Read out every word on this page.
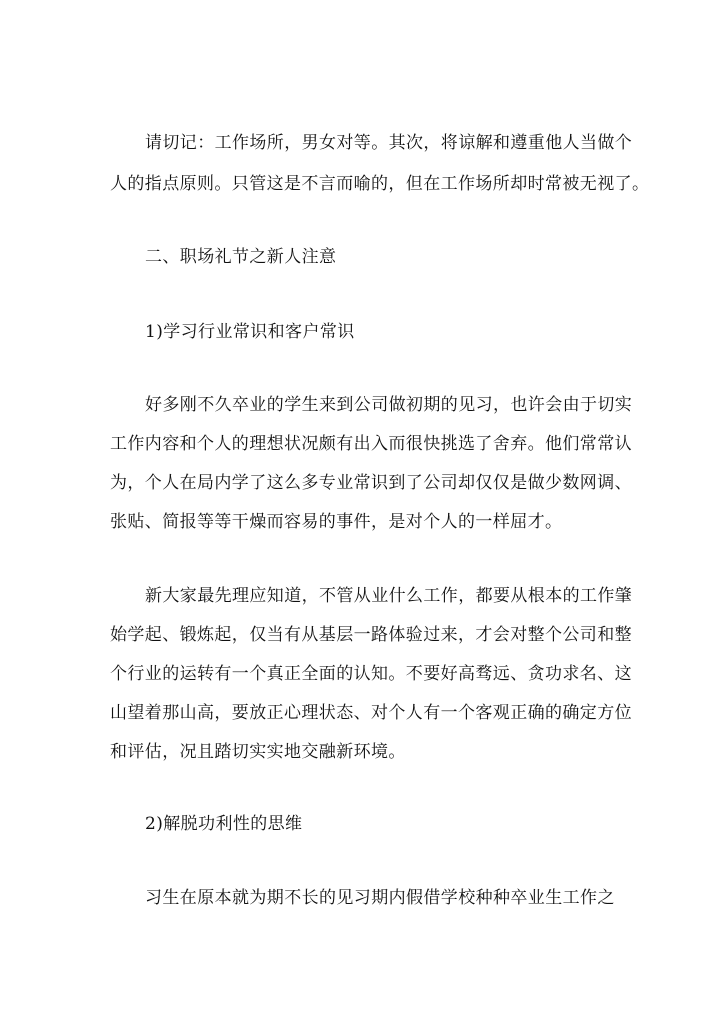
请切记：工作场所，男女对等。其次，将谅解和遵重他人当做个
人的指点原则。只管这是不言而喻的，但在工作场所却时常被无视了。
二、职场礼节之新人注意
1)学习行业常识和客户常识
好多刚不久卒业的学生来到公司做初期的见习，也许会由于切实
工作内容和个人的理想状况颇有出入而很快挑选了舍弃。他们常常认
为，个人在局内学了这么多专业常识到了公司却仅仅是做少数网调、
张贴、简报等等干燥而容易的事件，是对个人的一样屈才。
新大家最先理应知道，不管从业什么工作，都要从根本的工作肇
始学起、锻炼起，仅当有从基层一路体验过来，才会对整个公司和整
个行业的运转有一个真正全面的认知。不要好高骛远、贪功求名、这
山望着那山高，要放正心理状态、对个人有一个客观正确的确定方位
和评估，况且踏切实实地交融新环境。
2)解脱功利性的思维
习生在原本就为期不长的见习期内假借学校种种卒业生工作之
